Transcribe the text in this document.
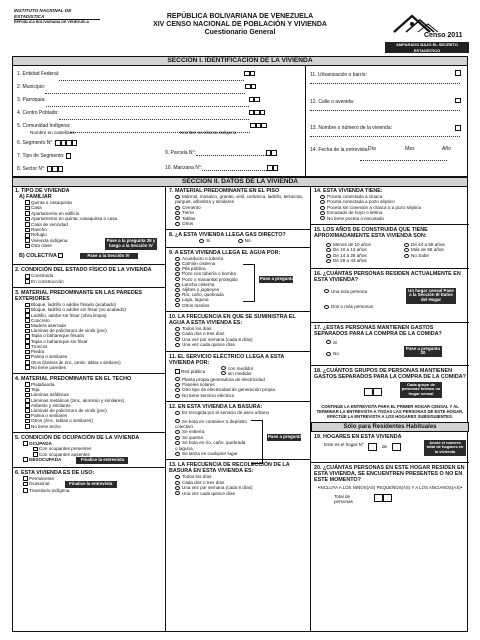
INSTITUTO NACIONAL DE ESTADÍSTICA
REPÚBLICA BOLIVARIANA DE VENEZUELA
REPÚBLICA BOLIVARIANA DE VENEZUELA
XIV CENSO NACIONAL DE POBLACIÓN Y VIVIENDA
Cuestionario General	Censo 2011
AMPARADO BAJO EL SECRETO ESTADÍSTICO
SECCIÓN I. IDENTIFICACIÓN DE LA VIVIENDA
1. Entidad Federal:
2. Municipio:
3. Parroquia:
4. Centro Poblado:
5. Comunidad Indígena:
Nombre en castellano	Nombre en idioma indígena
6. Segmento N°:
7. Tipo de Segmento:
8. Sector N°:
9. Parcela N°:
10. Manzana N°:
11. Urbanización o barrio:

12. Calle o avenida:

13. Nombre o número de la vivienda:

14. Fecha de la entrevista: Día	Mes	Año

SECCIÓN II. DATOS DE LA VIVIENDA
1. TIPO DE VIVIENDA
A) FAMILIAR
Quinta o casaquinta
Casa
Apartamento en edificio
Apartamento en quinta, casaquinta o casa
Casa de vecindad
Rancho
Refugio
Vivienda indígena
Otra clase
Pase a la pregunta 29 y luego a la Sección IV
B) COLECTIVA	Pase a la Sección IV
2. CONDICIÓN DEL ESTADO FÍSICO DE LA VIVIENDA
Construida
En construcción
3. MATERIAL PREDOMINANTE EN LAS PAREDES EXTERIORES
Bloque, ladrillo o adobe frisado (acabado)
Bloque, ladrillo o adobe sin frisar (no acabado)
Ladrillo, adobe sin frisar (obra limpia)
Concreto
Madera aserrada
Láminas de policloruro de vinilo (pvc)
Tapia o bahareque frisado
Tapia o bahareque sin frisar
Troncos
Piedra
Palma o similares
Otros (láminas de zinc, cartón, tablas o similares)
No tiene paredes
4. MATERIAL PREDOMINANTE EN EL TECHO
Platabanda
Teja
Láminas asfálticas
Láminas metálicas (zinc, aluminio y similares)
Asbesto y similares
Láminas de policloruro de vinilo (pvc)
Palma o similares
Otros (zinc, tablas o similares)
No tiene techo
5. CONDICIÓN DE OCUPACIÓN DE LA VIVIENDA
OCUPADA
Con ocupantes presentes
Con ocupantes ausentes
DESOCUPADA	Finalice la entrevista
6. ESTA VIVIENDA ES DE USO:
Permanente
Ocasional	Finalice la entrevista
Transitorio indígena
7. MATERIAL PREDOMINANTE EN EL PISO
Mármol, mosaico, granito, vinil, cerámica, ladrillo, terracota, parquet, alfombra y similares
Cemento
Tierra
Tablas
Otros
8. ¿A ESTA VIVIENDA LLEGA GAS DIRECTO?
Sí	No
9. A ESTA VIVIENDA LLEGA EL AGUA POR:
Acueducto o tubería
Camión cisterna
Pila pública
Pozo con tubería o bomba
Pozo o manantial protegido
Lancha cisterna
Aljibes o jagüeyes
Río, caño, quebrada
Lago, laguna
Otros medios
Pase a pregunta 11
10. LA FRECUENCIA EN QUE SE SUMINISTRA EL AGUA A ESTA VIVIENDA ES:
Todos los días
Cada dos o tres días
Una vez por semana (cada 8 días)
Una vez cada quince días
11. EL SERVICIO ELÉCTRICO LLEGA A ESTA VIVIENDA POR:
Red pública
con medidor
sin medidor
Planta propia generadora de electricidad
Paneles solares
Otro tipo de electricidad de generación propia
No tiene servicio eléctrico
12. EN ESTA VIVIENDA LA BASURA:
Es recogida por el servicio de aseo urbano
Se bota en container o depósito colectivo
Se entierra
Se quema
Se bota en río, caño, quebrada o laguna
Se lanza en cualquier lugar
Pase a pregunta 14
13. LA FRECUENCIA DE RECOLECCIÓN DE LA BASURA EN ESTA VIVIENDA ES:
Todos los días
Cada dos o tres días
Una vez por semana (cada 8 días)
Una vez cada quince días
14. ESTA VIVIENDA TIENE:
Poceta conectada a cloaca
Poceta conectada a pozo séptico
Poceta sin conexión a cloaca o a pozo séptico
Excusado de hoyo o letrina
No tiene poceta o excusado
15. LOS AÑOS DE CONSTRUIDA QUE TIENE APROXIMADAMENTE ESTA VIVIENDA SON:
Menos de 10 años
De 10 a 13 años
De 14 a 28 años
De 29 a 43 años
De 44 a 58 años
Más de 58 años
No Sabe
16. ¿CUÁNTAS PERSONAS RESIDEN ACTUALMENTE EN ESTA VIVIENDA?
Una sola persona
Dos o más personas
Un hogar censal Pase a la Sección III Datos del Hogar
17. ¿ESTAS PERSONAS MANTIENEN GASTOS SEPARADOS PARA LA COMPRA DE LA COMIDA?
Sí
No
Pase a pregunta 20
18. ¿CUÁNTOS GRUPOS DE PERSONAS MANTIENEN GASTOS SEPARADOS PARA LA COMPRA DE LA COMIDA?
Cada grupo de personas forman un hogar censal
CONTINÚE LA ENTREVISTA PARA EL PRIMER HOGAR CENSAL Y AL TERMINAR LA ENTREVISTA A TODAS LAS PERSONAS DE ESTE HOGAR, EFECTÚE LA ENTREVISTA A LOS HOGARES SUBSIGUIENTES.
Sólo para Residentes Habituales
19. HOGARES EN ESTA VIVIENDA
Este es el hogar N°	de
Anote el número total de hogares en la vivienda
20. ¿CUÁNTAS PERSONAS EN ESTE HOGAR RESIDEN EN ESTA VIVIENDA, SE ENCUENTREN PRESENTES O NO EN ESTE MOMENTO?
•INCLUYA A LOS NIÑOS(AS) PEQUEÑOS(AS) Y A LOS ANCIANOS(AS)•
Total de personas
